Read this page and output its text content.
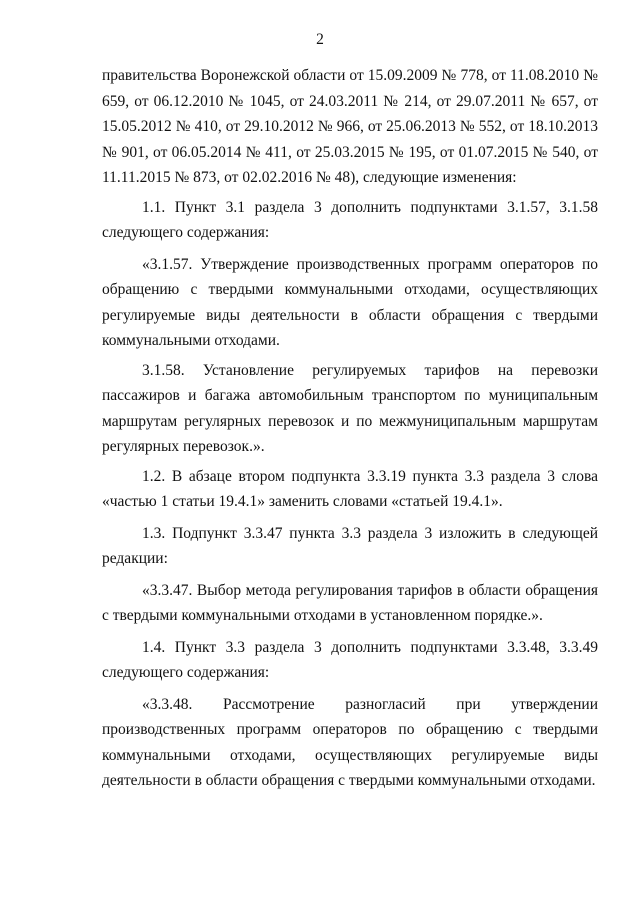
2

правительства Воронежской области от 15.09.2009 № 778, от 11.08.2010 № 659, от 06.12.2010 № 1045, от 24.03.2011 № 214, от 29.07.2011 № 657, от 15.05.2012 № 410, от 29.10.2012 № 966, от 25.06.2013 № 552, от 18.10.2013 № 901, от 06.05.2014 № 411, от 25.03.2015 № 195, от 01.07.2015 № 540, от 11.11.2015 № 873, от 02.02.2016 № 48), следующие изменения:

1.1. Пункт 3.1 раздела 3 дополнить подпунктами 3.1.57, 3.1.58 следующего содержания:

«3.1.57. Утверждение производственных программ операторов по обращению с твердыми коммунальными отходами, осуществляющих регулируемые виды деятельности в области обращения с твердыми коммунальными отходами.

3.1.58. Установление регулируемых тарифов на перевозки пассажиров и багажа автомобильным транспортом по муниципальным маршрутам регулярных перевозок и по межмуниципальным маршрутам регулярных перевозок.».

1.2. В абзаце втором подпункта 3.3.19 пункта 3.3 раздела 3 слова «частью 1 статьи 19.4.1» заменить словами «статьей 19.4.1».

1.3. Подпункт 3.3.47 пункта 3.3 раздела 3 изложить в следующей редакции:

«3.3.47. Выбор метода регулирования тарифов в области обращения с твердыми коммунальными отходами в установленном порядке.».

1.4. Пункт 3.3 раздела 3 дополнить подпунктами 3.3.48, 3.3.49 следующего содержания:

«3.3.48. Рассмотрение разногласий при утверждении производственных программ операторов по обращению с твердыми коммунальными отходами, осуществляющих регулируемые виды деятельности в области обращения с твердыми коммунальными отходами.
